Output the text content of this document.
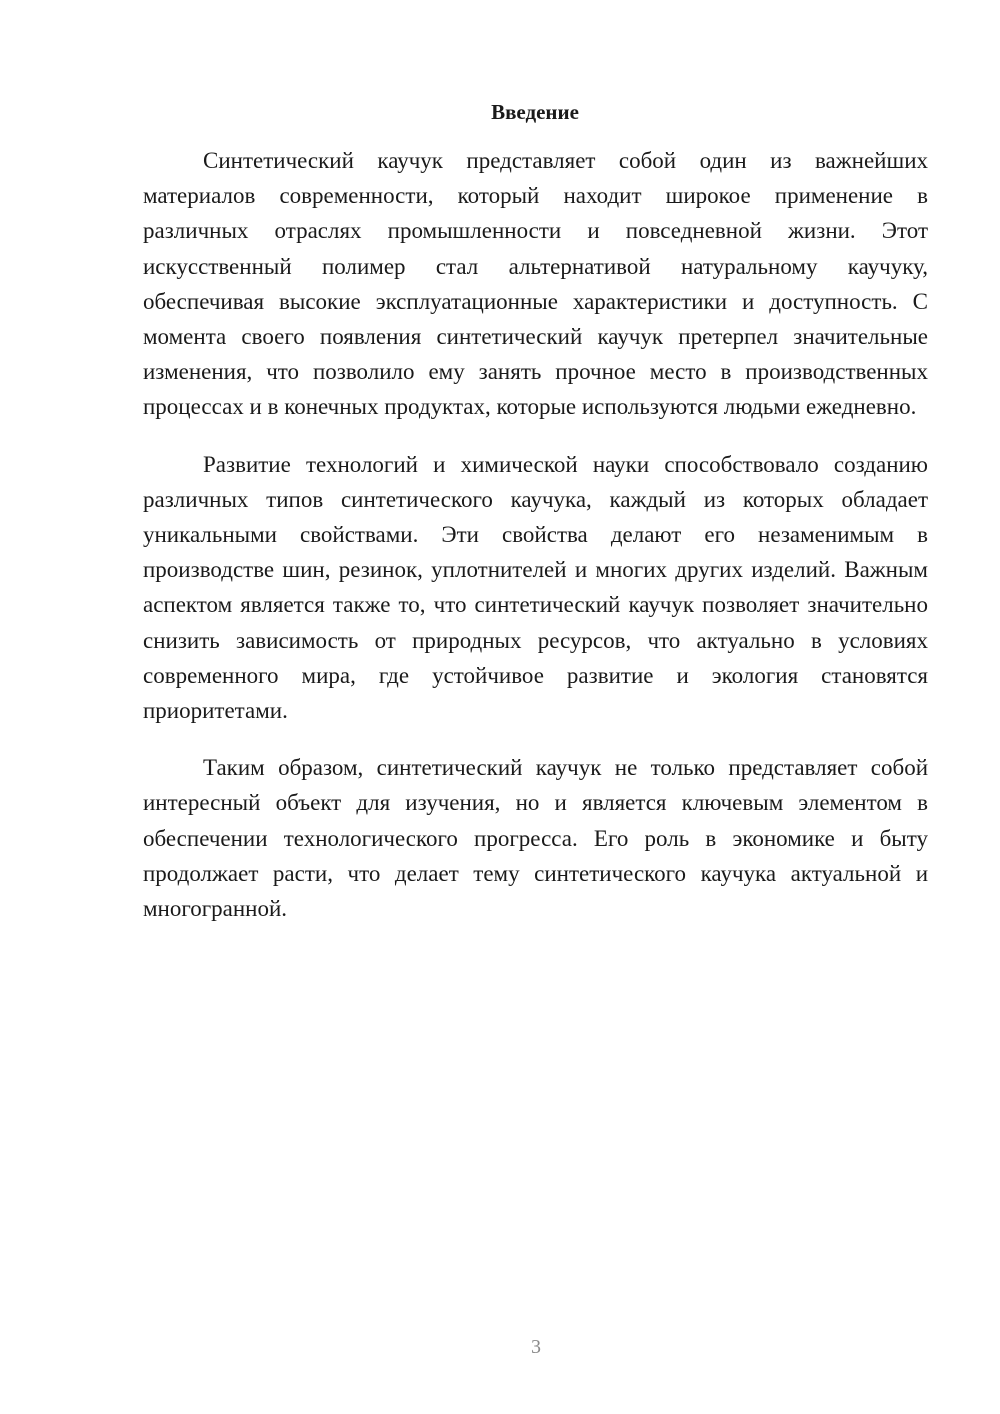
Введение

Синтетический каучук представляет собой один из важнейших материалов современности, который находит широкое применение в различных отраслях промышленности и повседневной жизни. Этот искусственный полимер стал альтернативой натуральному каучуку, обеспечивая высокие эксплуатационные характеристики и доступность. С момента своего появления синтетический каучук претерпел значительные изменения, что позволило ему занять прочное место в производственных процессах и в конечных продуктах, которые используются людьми ежедневно.

Развитие технологий и химической науки способствовало созданию различных типов синтетического каучука, каждый из которых обладает уникальными свойствами. Эти свойства делают его незаменимым в производстве шин, резинок, уплотнителей и многих других изделий. Важным аспектом является также то, что синтетический каучук позволяет значительно снизить зависимость от природных ресурсов, что актуально в условиях современного мира, где устойчивое развитие и экология становятся приоритетами.

Таким образом, синтетический каучук не только представляет собой интересный объект для изучения, но и является ключевым элементом в обеспечении технологического прогресса. Его роль в экономике и быту продолжает расти, что делает тему синтетического каучука актуальной и многогранной.

3
